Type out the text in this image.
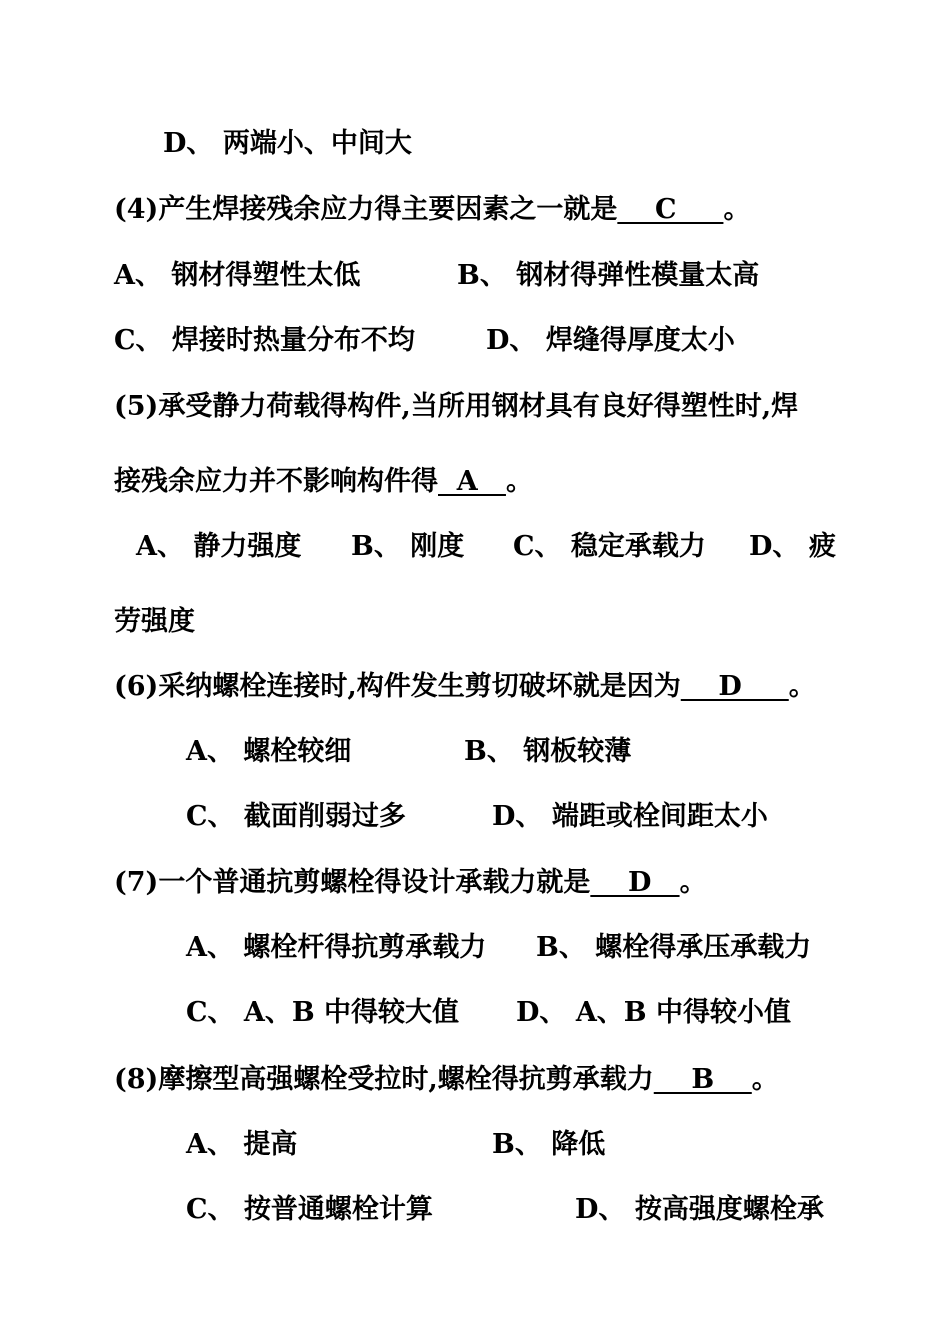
D、 两端小、中间大
(4)产生焊接残余应力得主要因素之一就是    C     。
A、 钢材得塑性太低	B、 钢材得弹性模量太高
C、 焊接时热量分布不均	D、 焊缝得厚度太小
(5)承受静力荷载得构件,当所用钢材具有良好得塑性时,焊
接残余应力并不影响构件得  A   。
A、 静力强度 B、 刚度 C、 稳定承载力 D、 疲
劳强度
(6)采纳螺栓连接时,构件发生剪切破坏就是因为    D     。
A、 螺栓较细	B、 钢板较薄
C、 截面削弱过多	D、 端距或栓间距太小
(7)一个普通抗剪螺栓得设计承载力就是    D   。
A、 螺栓杆得抗剪承载力 B、 螺栓得承压承载力
C、 A、B 中得较大值 D、 A、B 中得较小值
(8)摩擦型高强螺栓受拉时,螺栓得抗剪承载力    B    。
A、 提高	B、 降低
C、 按普通螺栓计算	D、 按高强度螺栓承
